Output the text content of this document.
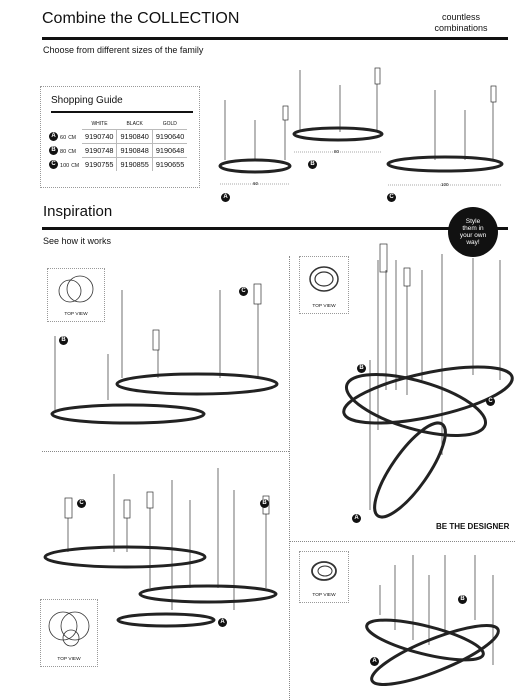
Combine the COLLECTION	countless
combinations
Choose from different sizes of the family
Shopping Guide
	WHITE	BLACK	GOLD
A 60 CM	9190740	9190840	9190640
B 80 CM	9190748	9190848	9190648
C 100 CM	9190755	9190855	9190655
60
80
100
A
B
C
Inspiration
See how it works
Style
them in
your own
way!
TOP VIEW
B
C
C	B
A
TOP VIEW
TOP VIEW
B
C
A
BE THE DESIGNER
TOP VIEW
B
A
